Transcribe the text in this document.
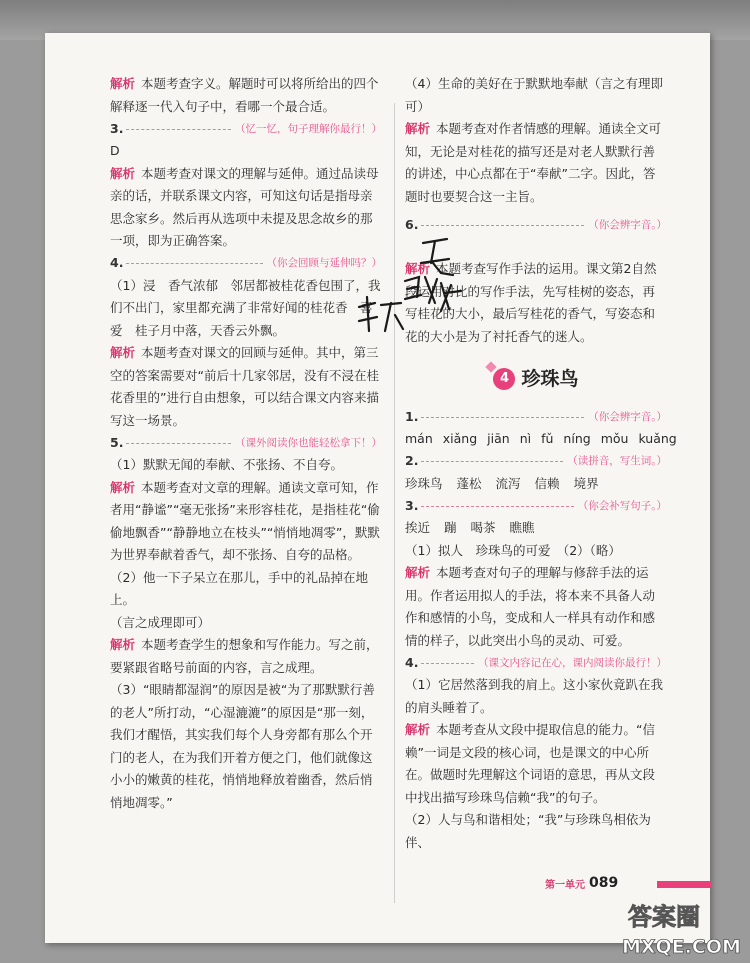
解析 本题考查字义。解题时可以将所给出的四个解释逐一代入句子中，看哪一个最合适。

3.	（忆一忆，句子理解你最行！）

D

解析 本题考查对课文的理解与延伸。通过品读母亲的话，并联系课文内容，可知这句话是指母亲思念家乡。然后再从选项中未提及思念故乡的那一项，即为正确答案。

4.	（你会回顾与延伸吗？）

（1）浸　香气浓郁　邻居都被桂花香包围了，我们不出门，家里都充满了非常好闻的桂花香　喜爱　桂子月中落，天香云外飘。

解析 本题考查对课文的回顾与延伸。其中，第三空的答案需要对“前后十几家邻居，没有不浸在桂花香里的”进行自由想象，可以结合课文内容来描写这一场景。

5.	（课外阅读你也能轻松拿下！）

（1）默默无闻的奉献、不张扬、不自夸。

解析 本题考查对文章的理解。通读文章可知，作者用“静谧”“毫无张扬”来形容桂花，是指桂花“偷偷地飘香”“静静地立在枝头”“悄悄地凋零”，默默为世界奉献着香气，却不张扬、自夸的品格。

（2）他一下子呆立在那儿，手中的礼品掉在地上。

（言之成理即可）

解析 本题考查学生的想象和写作能力。写之前，要紧跟省略号前面的内容，言之成理。

（3）“眼睛都湿润”的原因是被“为了那默默行善的老人”所打动，“心湿漉漉”的原因是“那一刻，我们才醒悟，其实我们每个人身旁都有那么个开门的老人，在为我们开着方便之门，他们就像这小小的嫩黄的桂花，悄悄地释放着幽香，然后悄悄地凋零。”

（4）生命的美好在于默默地奉献（言之有理即可）

解析 本题考查对作者情感的理解。通读全文可知，无论是对桂花的描写还是对老人默默行善的讲述，中心点都在于“奉献”二字。因此，答题时也要契合这一主旨。

6.	（你会辨字音。）

解析 本题考查写作手法的运用。课文第2自然段运用对比的写作手法，先写桂树的姿态，再写桂花的大小，最后写桂花的香气，写姿态和花的大小是为了衬托香气的迷人。

4 珍珠鸟
1.	（你会辨字音。）

mán xiǎng jiān nì fǔ níng mǒu kuǎng

2.	（读拼音，写生词。）

珍珠鸟 蓬松 流泻 信赖 境界

3.	（你会补写句子。）

挨近 蹦 喝茶 瞧瞧

（1）拟人　珍珠鸟的可爱　（2）（略）

解析 本题考查对句子的理解与修辞手法的运用。作者运用拟人的手法，将本来不具备人动作和感情的小鸟，变成和人一样具有动作和感情的样子，以此突出小鸟的灵动、可爱。

4.	（课文内容记在心，课内阅读你最行！）

（1）它居然落到我的肩上。这小家伙竟趴在我的肩头睡着了。

解析 本题考查从文段中提取信息的能力。“信赖”一词是文段的核心词，也是课文的中心所在。做题时先理解这个词语的意思，再从文段中找出描写珍珠鸟信赖“我”的句子。

（2）人与鸟和谐相处；“我”与珍珠鸟相依为伴、

第一单元 089
答案圈
MXQE.COM
